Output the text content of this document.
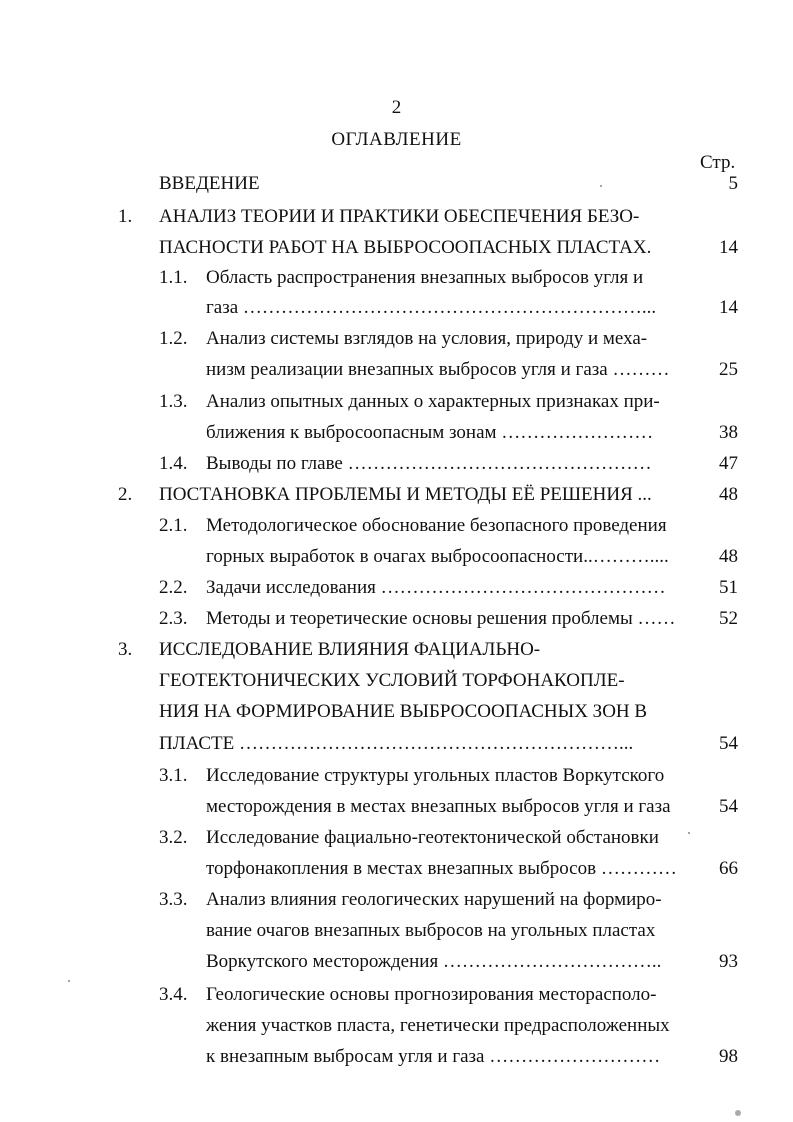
2
ОГЛАВЛЕНИЕ
Стр.
ВВЕДЕНИЕ	5
1. АНАЛИЗ ТЕОРИИ И ПРАКТИКИ ОБЕСПЕЧЕНИЯ БЕЗО-
ПАСНОСТИ РАБОТ НА ВЫБРОСООПАСНЫХ ПЛАСТАХ.	14
1.1. Область распространения внезапных выбросов угля и
газа ………………………………………………………...	14
1.2. Анализ системы взглядов на условия, природу и меха-
низм реализации внезапных выбросов угля и газа ………	25
1.3. Анализ опытных данных о характерных признаках при-
ближения к выбросоопасным зонам ……………………	38
1.4. Выводы по главе …………………………………………	47
2. ПОСТАНОВКА ПРОБЛЕМЫ И МЕТОДЫ ЕЁ РЕШЕНИЯ ...	48
2.1. Методологическое обоснование безопасного проведения
горных выработок в очагах выбросоопасности..………....	48
2.2. Задачи исследования ………………………………………	51
2.3. Методы и теоретические основы решения проблемы ……	52
3. ИССЛЕДОВАНИЕ ВЛИЯНИЯ ФАЦИАЛЬНО-
ГЕОТЕКТОНИЧЕСКИХ УСЛОВИЙ ТОРФОНАКОПЛЕ-
НИЯ НА ФОРМИРОВАНИЕ ВЫБРОСООПАСНЫХ ЗОН В
ПЛАСТЕ ……………………………………………………...	54
3.1. Исследование структуры угольных пластов Воркутского
месторождения в местах внезапных выбросов угля и газа	54
3.2. Исследование фациально-геотектонической обстановки
торфонакопления в местах внезапных выбросов …………	66
3.3. Анализ влияния геологических нарушений на формиро-
вание очагов внезапных выбросов на угольных пластах
Воркутского месторождения ……………………………..	93
3.4. Геологические основы прогнозирования месторасполо-
жения участков пласта, генетически предрасположенных
к внезапным выбросам угля и газа ………………………	98
